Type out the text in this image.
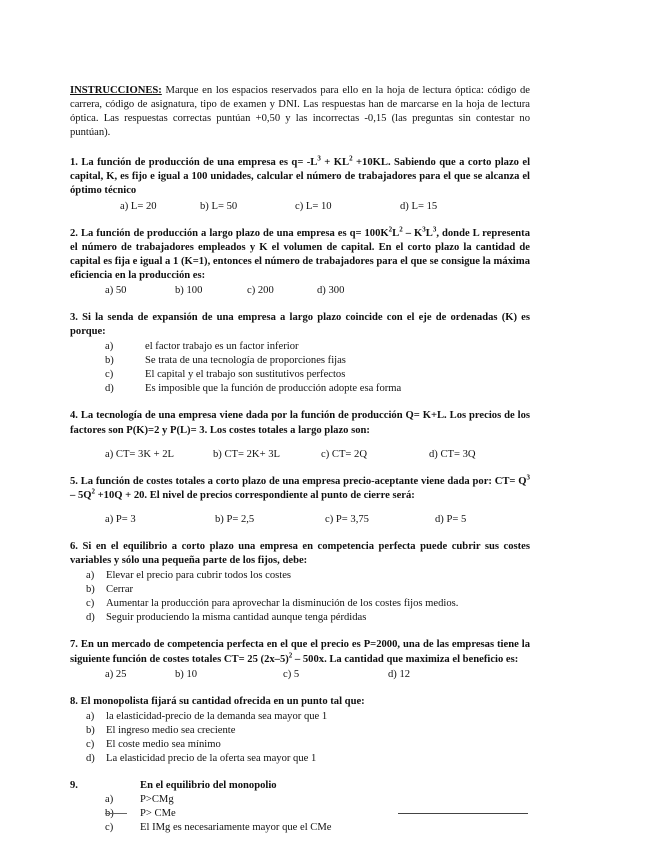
INSTRUCCIONES: Marque en los espacios reservados para ello en la hoja de lectura óptica: código de carrera, código de asignatura, tipo de examen y DNI. Las respuestas han de marcarse en la hoja de lectura óptica. Las respuestas correctas puntúan +0,50 y las incorrectas -0,15 (las preguntas sin contestar no puntúan).
1. La función de producción de una empresa es $q= -L^3 + KL^2 +10KL$. Sabiendo que a corto plazo el capital, K, es fijo e igual a 100 unidades, calcular el número de trabajadores para el que se alcanza el óptimo técnico
a) L= 20	b) L= 50	c) L= 10	d) L= 15
2. La función de producción a largo plazo de una empresa es $q= 100K^2L^2 - K^3L^3$, donde L representa el número de trabajadores empleados y K el volumen de capital. En el corto plazo la cantidad de capital es fija e igual a 1 (K=1), entonces el número de trabajadores para el que se consigue la máxima eficiencia en la producción es:
a) 50	b) 100	c) 200	d) 300
3. Si la senda de expansión de una empresa a largo plazo coincide con el eje de ordenadas (K) es porque:
a)	el factor trabajo es un factor inferior
b)	Se trata de una tecnología de proporciones fijas
c)	El capital y el trabajo son sustitutivos perfectos
d)	Es imposible que la función de producción adopte esa forma
4. La tecnología de una empresa viene dada por la función de producción Q= K+L. Los precios de los factores son P(K)=2 y P(L)= 3. Los costes totales a largo plazo son:
a) CT= 3K + 2L	b) CT= 2K+ 3L	c) CT= 2Q	d) CT= 3Q
5. La función de costes totales a corto plazo de una empresa precio-aceptante viene dada por: $CT= Q^3 - 5Q^2 +10Q + 20$. El nivel de precios correspondiente al punto de cierre será:
a) P= 3	b) P= 2,5	c) P= 3,75	d) P= 5
6. Si en el equilibrio a corto plazo una empresa en competencia perfecta puede cubrir sus costes variables y sólo una pequeña parte de los fijos, debe:
a)	Elevar el precio para cubrir todos los costes
b)	Cerrar
c)	Aumentar la producción para aprovechar la disminución de los costes fijos medios.
d)	Seguir produciendo la misma cantidad aunque tenga pérdidas
7. En un mercado de competencia perfecta en el que el precio es P=2000, una de las empresas tiene la siguiente función de costes totales CT= 25 $(2x-5)^2 - 500x$. La cantidad que maximiza el beneficio es:
a) 25	b) 10	c) 5	d) 12
8. El monopolista fijará su cantidad ofrecida en un punto tal que:
a)	la elasticidad-precio de la demanda sea mayor que 1
b)	El ingreso medio sea creciente
c)	El coste medio sea mínimo
d)	La elasticidad precio de la oferta sea mayor que 1
9.	En el equilibrio del monopolio
a)	P>CMg
b)	P> CMe
c)	El IMg es necesariamente mayor que el CMe
